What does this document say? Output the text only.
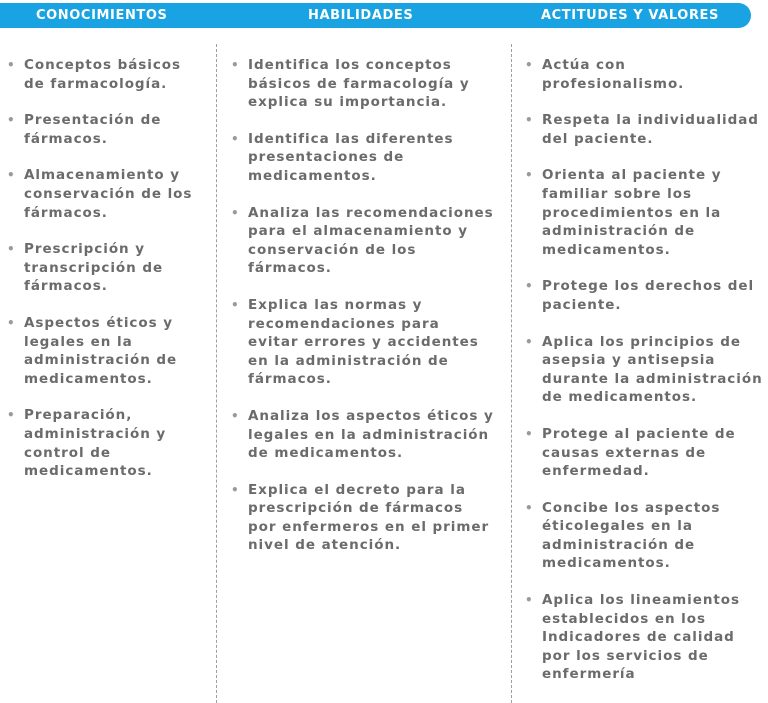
CONOCIMIENTOS	HABILIDADES	ACTITUDES Y VALORES
• Conceptos básicos
de farmacología.
• Presentación de
fármacos.
• Almacenamiento y
conservación de los
fármacos.
• Prescripción y
transcripción de
fármacos.
• Aspectos éticos y
legales en la
administración de
medicamentos.
• Preparación,
administración y
control de
medicamentos.
• Identifica los conceptos
básicos de farmacología y
explica su importancia.
• Identifica las diferentes
presentaciones de
medicamentos.
• Analiza las recomendaciones
para el almacenamiento y
conservación de los
fármacos.
• Explica las normas y
recomendaciones para
evitar errores y accidentes
en la administración de
fármacos.
• Analiza los aspectos éticos y
legales en la administración
de medicamentos.
• Explica el decreto para la
prescripción de fármacos
por enfermeros en el primer
nivel de atención.
• Actúa con
profesionalismo.
• Respeta la individualidad
del paciente.
• Orienta al paciente y
familiar sobre los
procedimientos en la
administración de
medicamentos.
• Protege los derechos del
paciente.
• Aplica los principios de
asepsia y antisepsia
durante la administración
de medicamentos.
• Protege al paciente de
causas externas de
enfermedad.
• Concibe los aspectos
éticolegales en la
administración de
medicamentos.
• Aplica los lineamientos
establecidos en los
Indicadores de calidad
por los servicios de
enfermería
